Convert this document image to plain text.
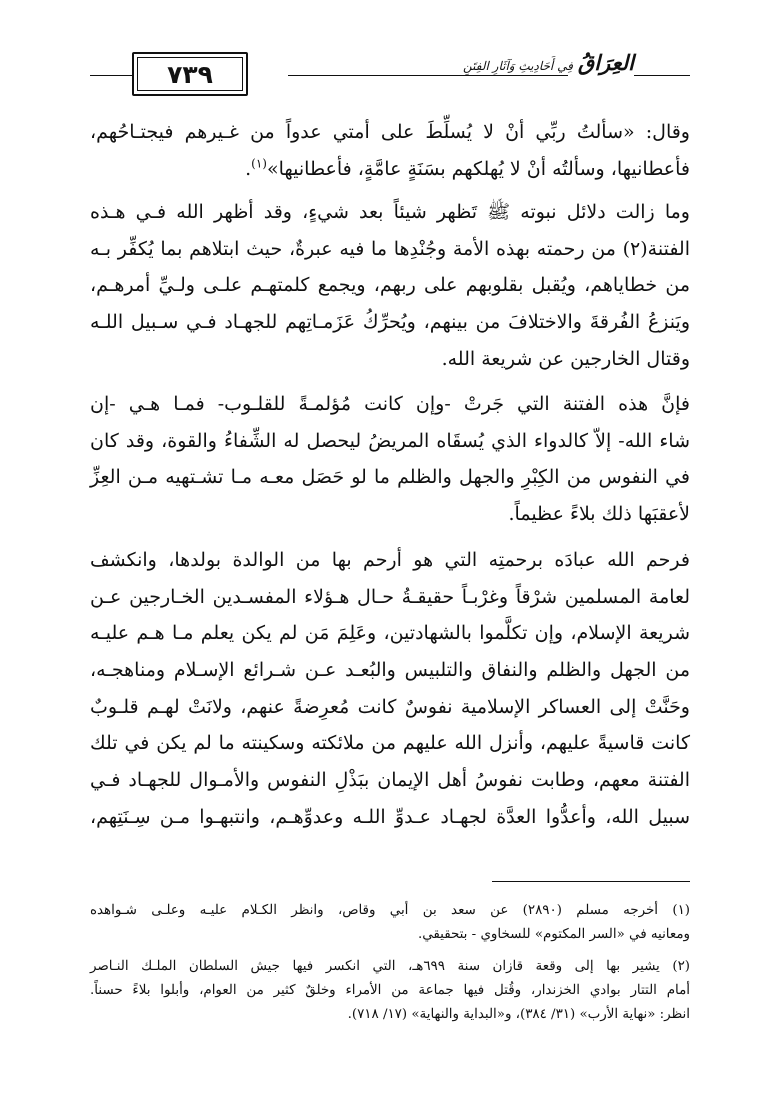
العِرَاقُ فِي أَحَادِيثِ وَآثَارِ الفِتَنِ
٧٣٩
وقال: «سألتُ ربِّي أنْ لا يُسلِّطَ على أمتي عدواً من غـيرهم فيجتـاحُهم،
فأعطانيها، وسألتُه أنْ لا يُهلكهم بسَنَةٍ عامَّةٍ، فأعطانيها»$^{(١)}$.
وما زالت دلائل نبوته ﷺ تَظهر شيئاً بعد شيءٍ، وقد أظهر الله فـي هـذه
الفتنة(٢) من رحمته بهذه الأمة وجُنْدِها ما فيه عبرةٌ، حيث ابتلاهم بما يُكفِّر بـه
من خطاياهم، ويُقبل بقلوبهم على ربهم، ويجمع كلمتهـم علـى ولـيِّ أمرهـم،
ويَنزعُ الفُرقةَ والاختلافَ من بينهم، ويُحرِّكُ عَزَمـاتِهم للجهـاد فـي سـبيل اللـه
وقتال الخارجين عن شريعة الله.
فإنَّ هذه الفتنة التي جَرتْ -وإن كانت مُؤلمـةً للقلـوب- فمـا هـي -إن
شاء الله- إلاّ كالدواء الذي يُسقَاه المريضُ ليحصل له الشِّفاءُ والقوة، وقد كان
في النفوس من الكِبْرِ والجهل والظلم ما لو حَصَل معـه مـا تشـتهيه مـن العِزِّ
لأعقبَها ذلك بلاءً عظيماً.
فرحم الله عبادَه برحمتِه التي هو أرحم بها من الوالدة بولدها، وانكشف
لعامة المسلمين شرْقاً وغرْبـاً حقيقـةُ حـال هـؤلاء المفسـدين الخـارجين عـن
شريعة الإسلام، وإن تكلَّموا بالشهادتين، وعَلِمَ مَن لم يكن يعلم مـا هـم عليـه
من الجهل والظلم والنفاق والتلبيس والبُعـد عـن شـرائع الإسـلام ومناهجـه،
وحَنَّتْ إلى العساكر الإسلامية نفوسٌ كانت مُعرِضةً عنهم، ولانَتْ لهـم قلـوبٌ
كانت قاسيةً عليهم، وأنزل الله عليهم من ملائكته وسكينته ما لم يكن في تلك
الفتنة معهم، وطابت نفوسُ أهل الإيمان ببَذْلِ النفوس والأمـوال للجهـاد فـي
سبيل الله، وأعدُّوا العدَّة لجهـاد عـدوِّ اللـه وعدوِّهـم، وانتبهـوا مـن سِـنَتِهم،
(١) أخرجه مسلم (٢٨٩٠) عن سعد بن أبي وقاص، وانظر الكـلام عليـه وعلـى شـواهده
ومعانيه في «السر المكتوم» للسخاوي - بتحقيقي.
(٢) يشير بها إلى وقعة قازان سنة ٦٩٩هـ، التي انكسر فيها جيش السلطان الملـك النـاصر
أمام التتار بوادي الخزندار، وقُتل فيها جماعة من الأمراء وخلقٌ كثير من العوام، وأبلوا بلاءً حسناً.
انظر: «نهاية الأرب» (٣١/ ٣٨٤)، و«البداية والنهاية» (١٧/ ٧١٨).
